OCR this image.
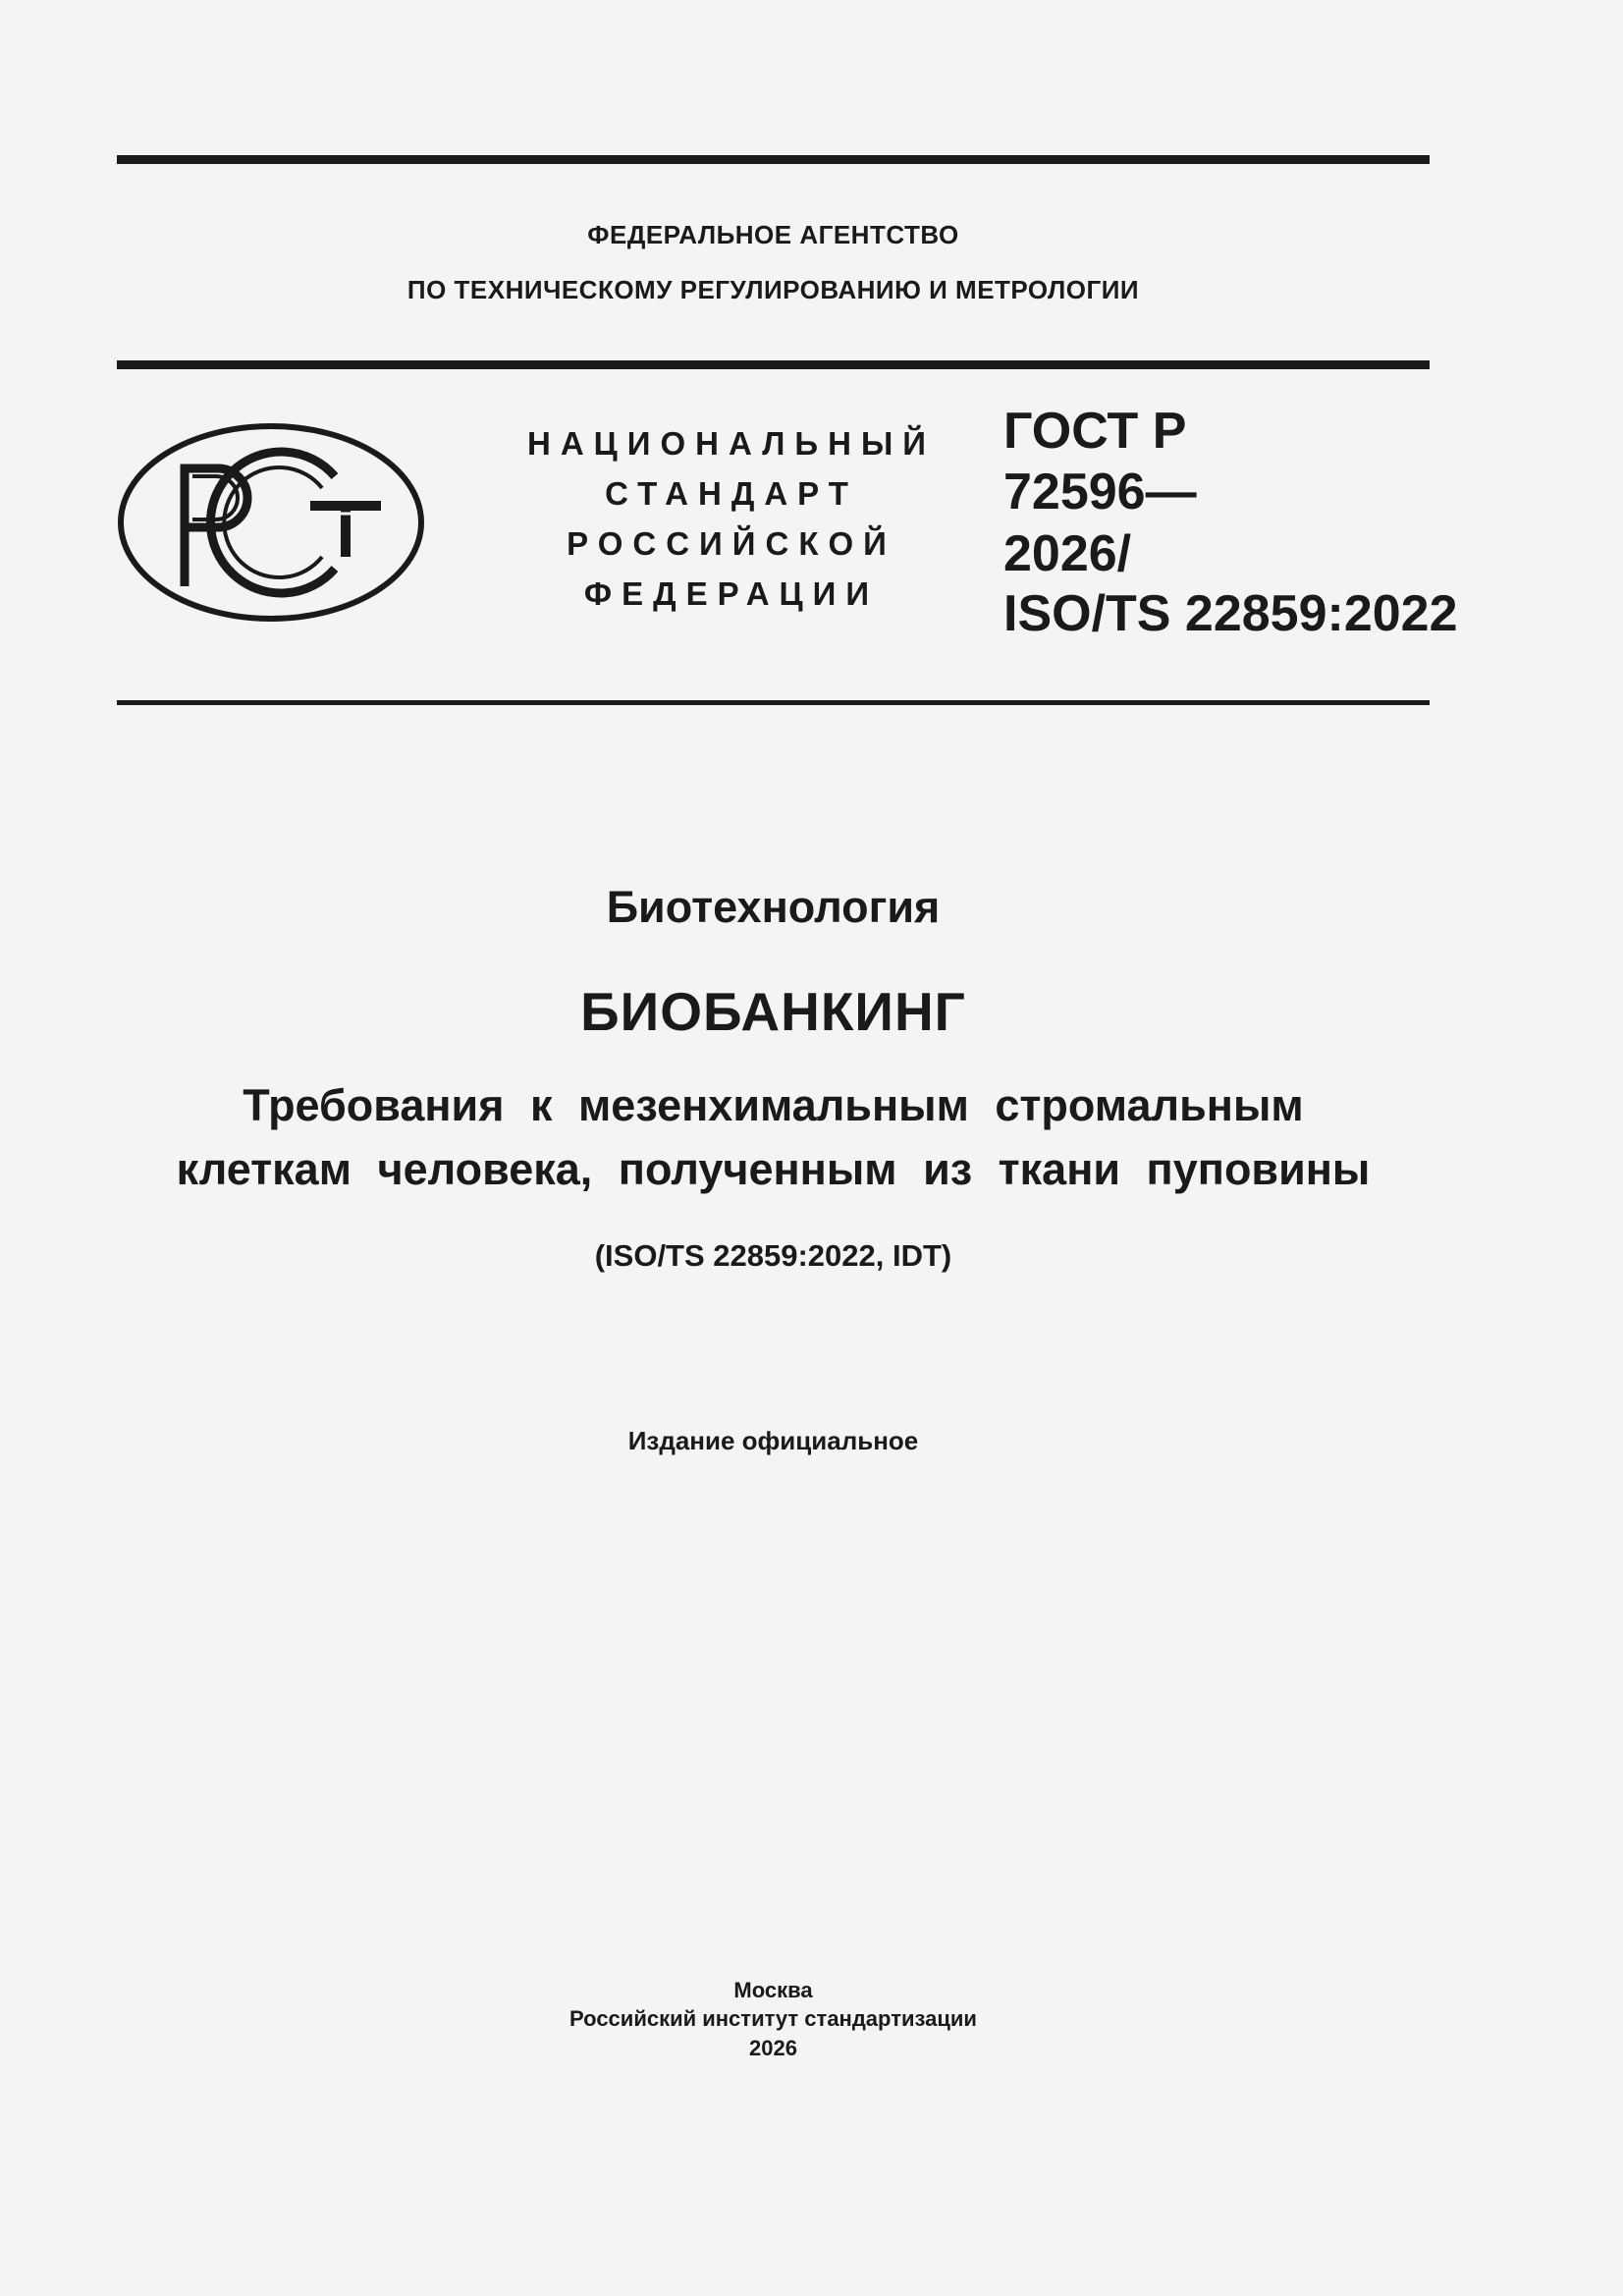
ФЕДЕРАЛЬНОЕ АГЕНТСТВО
ПО ТЕХНИЧЕСКОМУ РЕГУЛИРОВАНИЮ И МЕТРОЛОГИИ
НАЦИОНАЛЬНЫЙ
СТАНДАРТ
РОССИЙСКОЙ
ФЕДЕРАЦИИ
ГОСТ Р
72596—
2026/
ISO/TS 22859:2022
Биотехнология
БИОБАНКИНГ
Требования к мезенхимальным стромальным
клеткам человека, полученным из ткани пуповины
(ISO/TS 22859:2022, IDT)
Издание официальное
Москва
Российский институт стандартизации
2026
